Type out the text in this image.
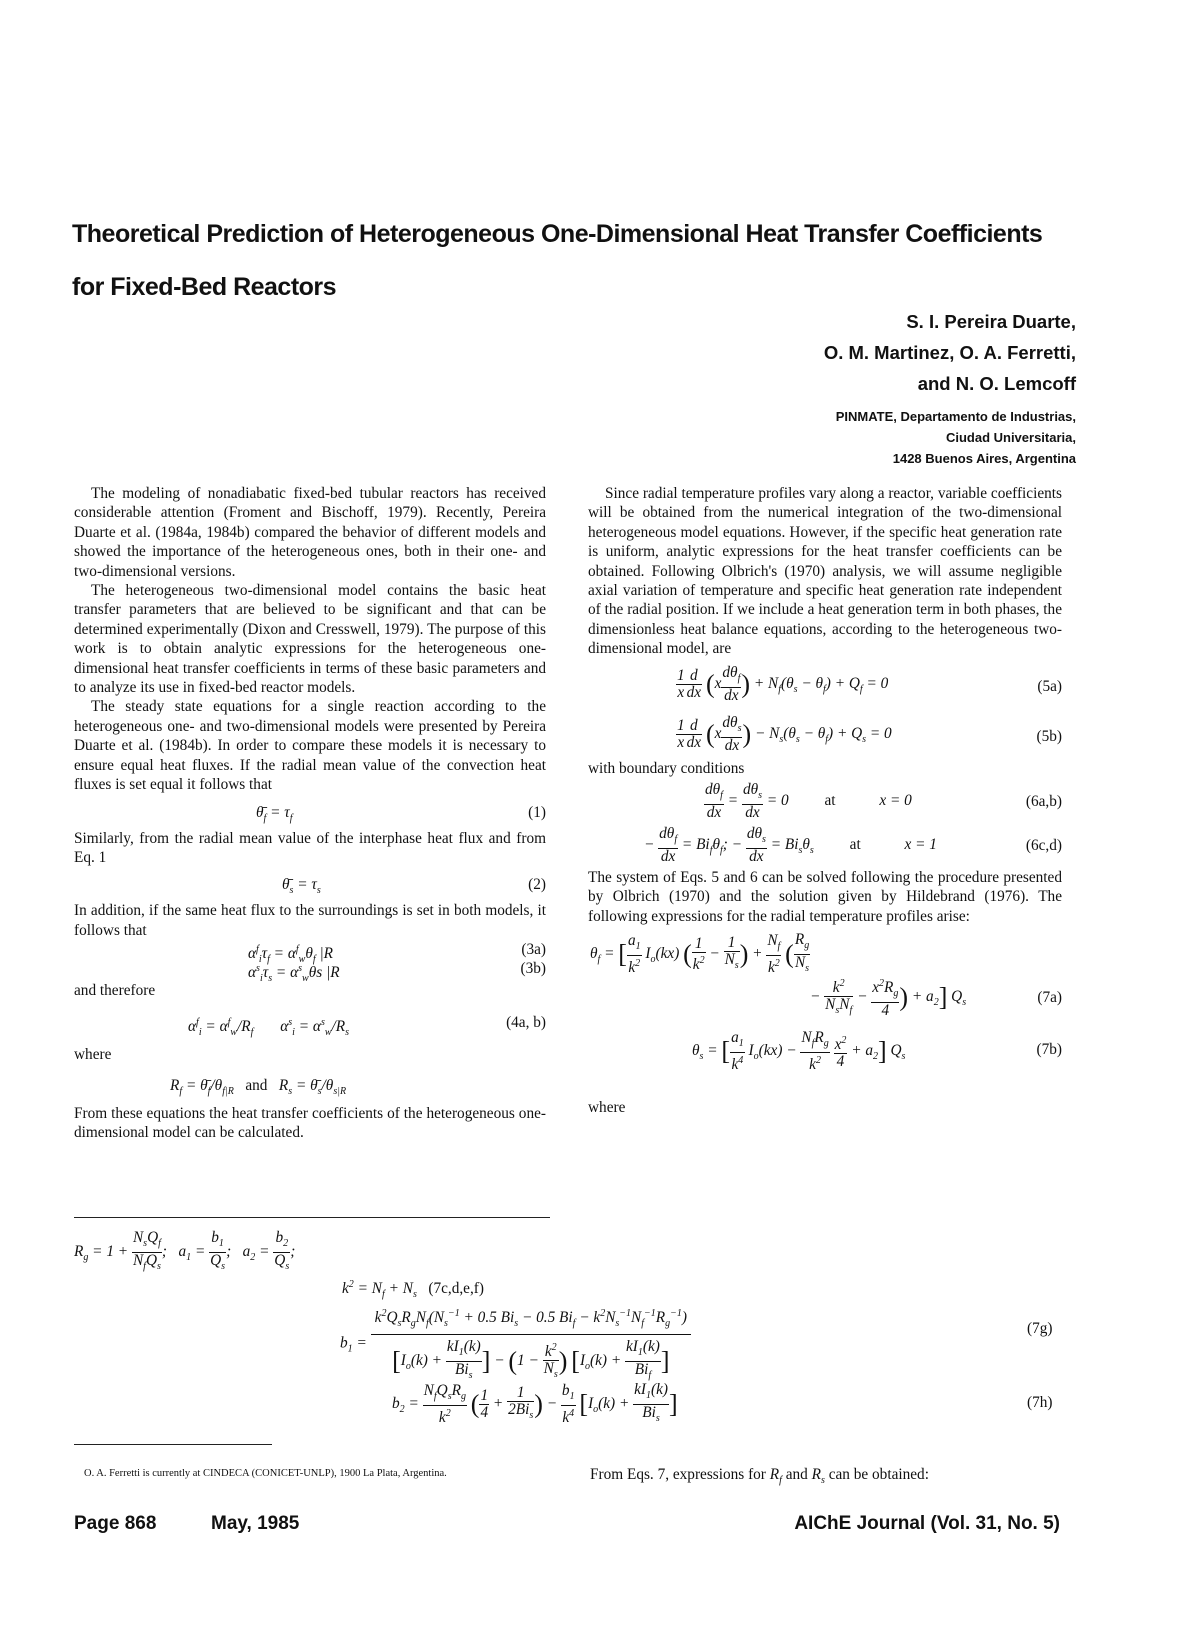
Theoretical Prediction of Heterogeneous One-Dimensional Heat Transfer Coefficients for Fixed-Bed Reactors
S. I. Pereira Duarte,
O. M. Martinez, O. A. Ferretti,
and N. O. Lemcoff
PINMATE, Departamento de Industrias,
Ciudad Universitaria,
1428 Buenos Aires, Argentina

The modeling of nonadiabatic fixed-bed tubular reactors has received considerable attention (Froment and Bischoff, 1979). Recently, Pereira Duarte et al. (1984a, 1984b) compared the behavior of different models and showed the importance of the heterogeneous ones, both in their one- and two-dimensional versions.

The heterogeneous two-dimensional model contains the basic heat transfer parameters that are believed to be significant and that can be determined experimentally (Dixon and Cresswell, 1979). The purpose of this work is to obtain analytic expressions for the heterogeneous one-dimensional heat transfer coefficients in terms of these basic parameters and to analyze its use in fixed-bed reactor models.

The steady state equations for a single reaction according to the heterogeneous one- and two-dimensional models were presented by Pereira Duarte et al. (1984b). In order to compare these models it is necessary to ensure equal heat fluxes. If the radial mean value of the convection heat fluxes is set equal it follows that

$\thetā_f = \tau_f$	(1)

Similarly, from the radial mean value of the interphase heat flux and from Eq. 1

$\thetā_s = \tau_s$	(2)

In addition, if the same heat flux to the surroundings is set in both models, it follows that

$\alpha^f_i\tau_f = \alpha^f_w\theta_f$ |R	(3a)
$\alpha^s_i\tau_s = \alpha^s_w\theta s$ |R	(3b)

and therefore

$\alpha^f_i = \alpha^f_w/R_f$       $\alpha^s_i = \alpha^s_w/R_s$
(4a, b)

where

$R_f$ = $\thetā_f/\theta_{f|R}$ and   $R_s$ = $\thetā_s/\theta_{s|R}$

From these equations the heat transfer coefficients of the heterogeneous one-dimensional model can be calculated.

Since radial temperature profiles vary along a reactor, variable coefficients will be obtained from the numerical integration of the two-dimensional heterogeneous model equations. However, if the specific heat generation rate is uniform, analytic expressions for the heat transfer coefficients can be obtained. Following Olbrich's (1970) analysis, we will assume negligible axial variation of temperature and specific heat generation rate independent of the radial position. If we include a heat generation term in both phases, the dimensionless heat balance equations, according to the heterogeneous two-dimensional model, are

$\frac{1}{x} \frac{d}{dx} (x \frac{d\theta_f}{dx}$ ) + $N_f(\theta_s - \theta_f) + Q_f = 0$	(5a)
$\frac{1}{x} \frac{d}{dx} (x \frac{d\theta_s}{dx}$ ) − $N_s(\theta_s - \theta_f) + Q_s = 0$	(5b)

with boundary conditions

$\frac{d\theta_f}{dx} = \frac{d\theta_s}{dx} = 0$ at	x = 0	(6a,b)
− $\frac{d\theta_f}{dx} = Bi_f\theta_f$; − $\frac{d\theta_s}{dx} = Bi_s\theta_s$ at	x = 1	(6c,d)

The system of Eqs. 5 and 6 can be solved following the procedure presented by Olbrich (1970) and the solution given by Hildebrand (1976). The following expressions for the radial temperature profiles arise:

$\theta_f$ = [ $\frac{a_1}{k^2} I_o(kx)$ ( $\frac{1}{k^2} - \frac{1}{N_s}$ ) + $\frac{N_f}{k^2}$ ( $\frac{R_g}{N_s}$
− $\frac{k^2}{N_sN_f} - \frac{x^2R_g}{4}$ ) + $a_2$] $Q_s$	(7a)
$\theta_s$ = [ $\frac{a_1}{k^4} I_o(kx) - \frac{N_fR_g}{k^2}$
$\frac{x^2}{4} + a_2$] $Q_s$	(7b)

where

$R_g = 1 + \frac{N_sQ_f}{N_fQ_s}$ ;   $a_1 = \frac{b_1}{Q_s}$ ;   $a_2 = \frac{b_2}{Q_s}$ ;
$k^2 = N_f + N_s$ (7c,d,e,f)
$b_1$ =
$k^2Q_sR_gN_f(N_s^{-1} + 0.5$ $Bi_s - 0.5$ $Bi_f - k^2N_s^{-1}N_f^{-1}R_g^{-1}$)
[$I_o(k) + \frac{kI_1(k)}{Bi_s}$ ] − ($1 - \frac{k^2}{N_s}$ ) [$I_o(k) + \frac{kI_1(k)}{Bi_f}$ ]
(7g)
$b_2 = \frac{N_fQ_sR_g}{k^2}$ ( $\frac{1}{4} + \frac{1}{2Bi_s}$ ) − $\frac{b_1}{k^4} [I_o(k) + \frac{kI_1(k)}{Bi_s}$ ]	(7h)
O. A. Ferretti is currently at CINDECA (CONICET-UNLP), 1900 La Plata, Argentina.	From Eqs. 7, expressions for $R_f$ and $R_s$ can be obtained:
Page 868	May, 1985	AIChE Journal (Vol. 31, No. 5)
